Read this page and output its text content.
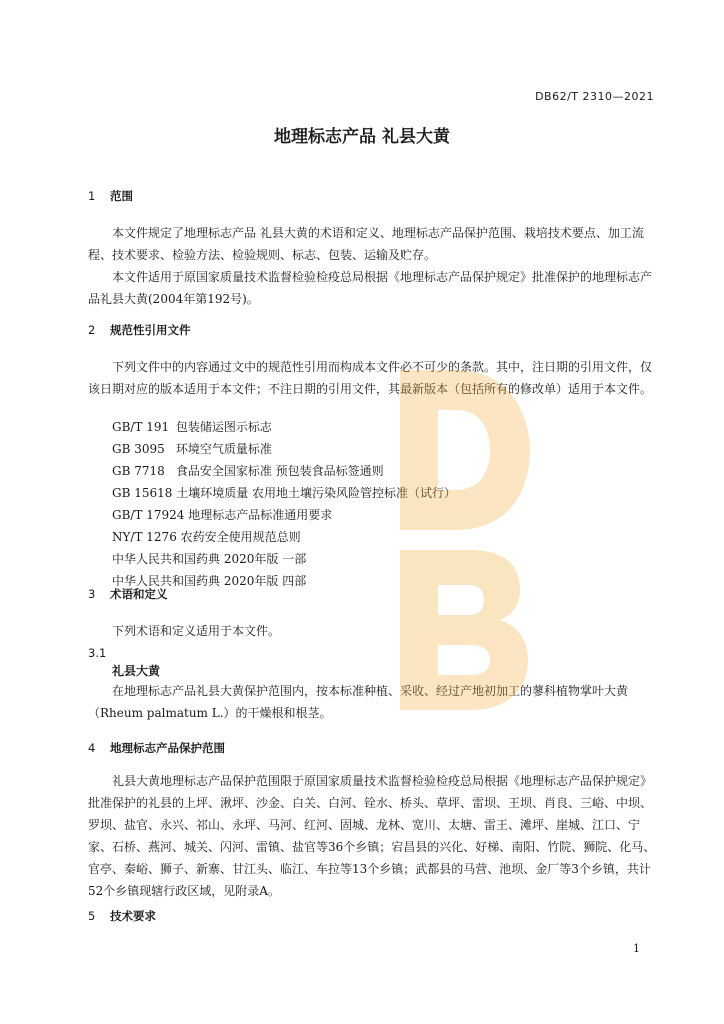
DB62/T 2310—2021
地理标志产品 礼县大黄
1 范围
本文件规定了地理标志产品 礼县大黄的术语和定义、地理标志产品保护范围、栽培技术要点、加工流程、技术要求、检验方法、检验规则、标志、包装、运输及贮存。
本文件适用于原国家质量技术监督检验检疫总局根据《地理标志产品保护规定》批准保护的地理标志产品礼县大黄(2004年第192号)。
2 规范性引用文件
下列文件中的内容通过文中的规范性引用而构成本文件必不可少的条款。其中，注日期的引用文件，仅该日期对应的版本适用于本文件；不注日期的引用文件，其最新版本（包括所有的修改单）适用于本文件。
GB/T 191 包装储运图示标志
GB 3095 环境空气质量标准
GB 7718 食品安全国家标准 预包装食品标签通则
GB 15618 土壤环境质量 农用地土壤污染风险管控标准（试行）
GB/T 17924 地理标志产品标准通用要求
NY/T 1276 农药安全使用规范总则
中华人民共和国药典 2020年版 一部
中华人民共和国药典 2020年版 四部
3 术语和定义
下列术语和定义适用于本文件。
3.1
礼县大黄
在地理标志产品礼县大黄保护范围内，按本标准种植、采收、经过产地初加工的蓼科植物掌叶大黄（Rheum palmatum L.）的干燥根和根茎。
4 地理标志产品保护范围
礼县大黄地理标志产品保护范围限于原国家质量技术监督检验检疫总局根据《地理标志产品保护规定》批准保护的礼县的上坪、湫坪、沙金、白关、白河、铨水、桥头、草坪、雷坝、王坝、肖良、三峪、中坝、罗坝、盐官、永兴、祁山、永坪、马河、红河、固城、龙林、宽川、太塘、雷王、滩坪、崖城、江口、宁家、石桥、燕河、城关、闪河、雷镇、盐官等36个乡镇；宕昌县的兴化、好梯、南阳、竹院、狮院、化马、官亭、秦峪、狮子、新寨、甘江头、临江、车拉等13个乡镇；武都县的马营、池坝、金厂等3个乡镇，共计52个乡镇现辖行政区域，见附录A。
5 技术要求
1
